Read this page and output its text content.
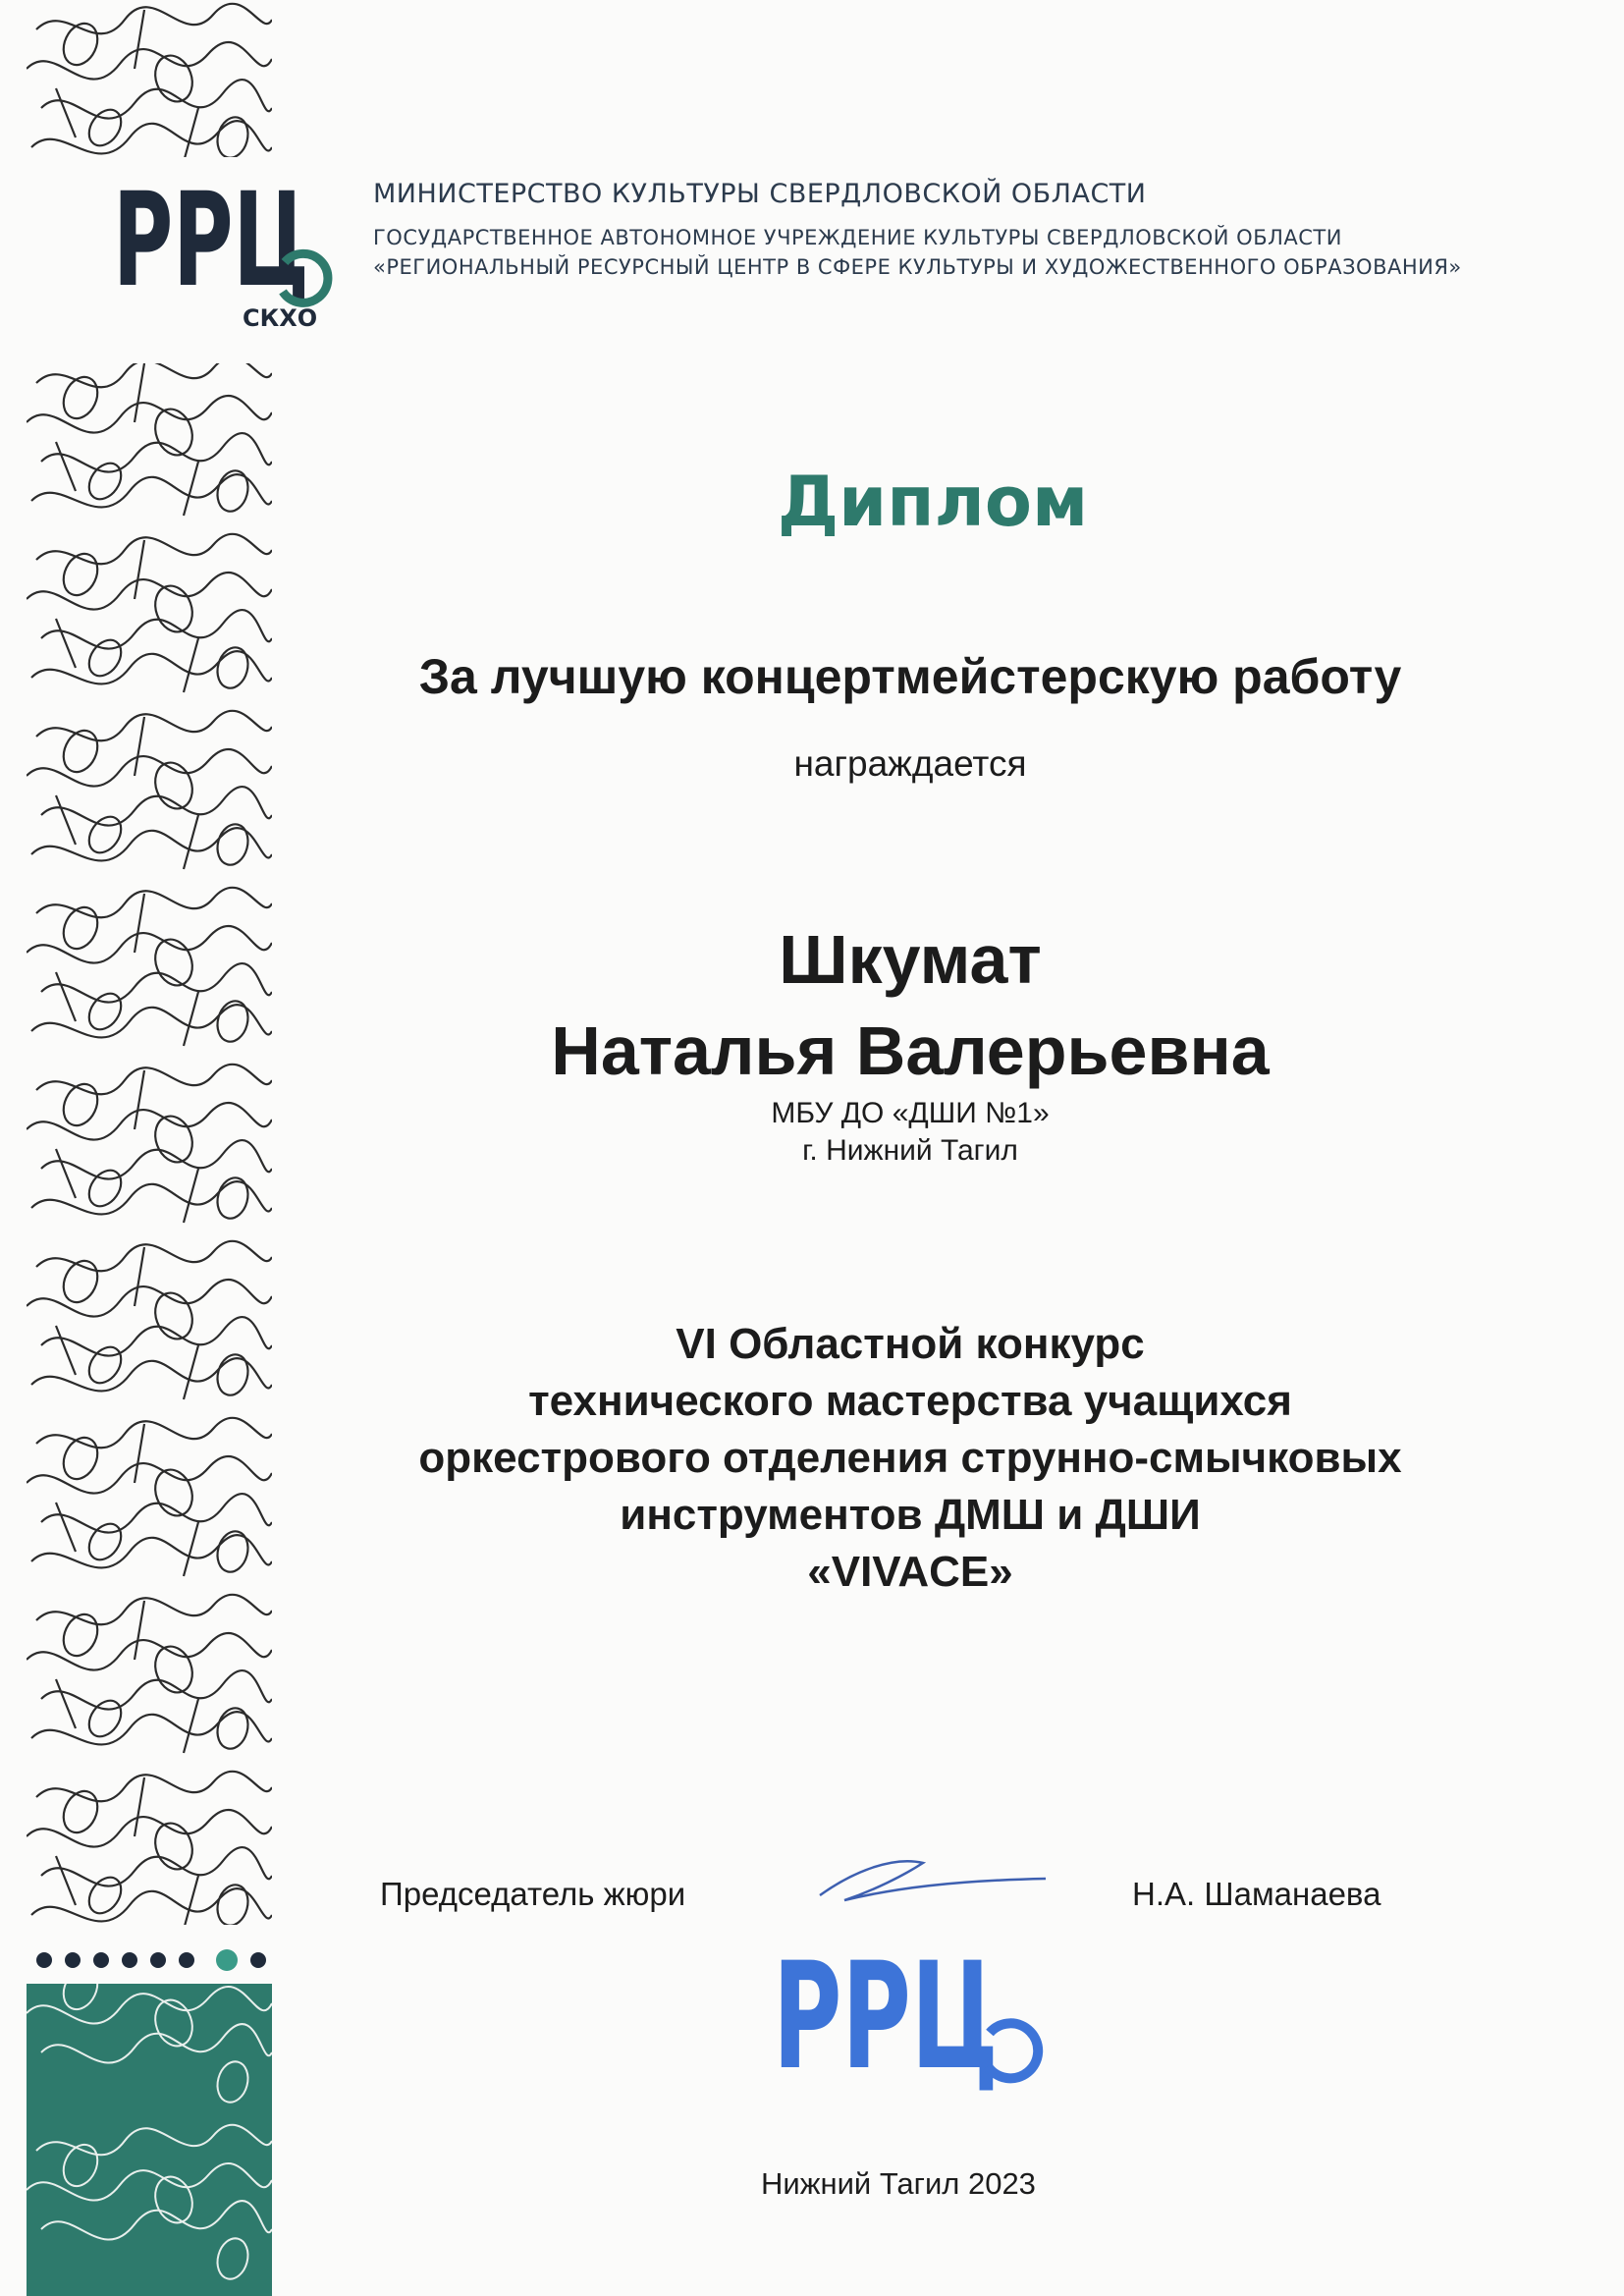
РРЦ
СКХО
МИНИСТЕРСТВО КУЛЬТУРЫ СВЕРДЛОВСКОЙ ОБЛАСТИ
ГОСУДАРСТВЕННОЕ АВТОНОМНОЕ УЧРЕЖДЕНИЕ КУЛЬТУРЫ СВЕРДЛОВСКОЙ ОБЛАСТИ
«РЕГИОНАЛЬНЫЙ РЕСУРСНЫЙ ЦЕНТР В СФЕРЕ КУЛЬТУРЫ И ХУДОЖЕСТВЕННОГО ОБРАЗОВАНИЯ»
Диплом
За лучшую концертмейстерскую работу
награждается
Шкумат
Наталья Валерьевна
МБУ ДО «ДШИ №1»
г. Нижний Тагил
VI Областной конкурс
технического мастерства учащихся
оркестрового отделения струнно-смычковых
инструментов ДМШ и ДШИ
«VIVACE»
Председатель жюри	Н.А. Шаманаева
РРЦ
Нижний Тагил 2023
